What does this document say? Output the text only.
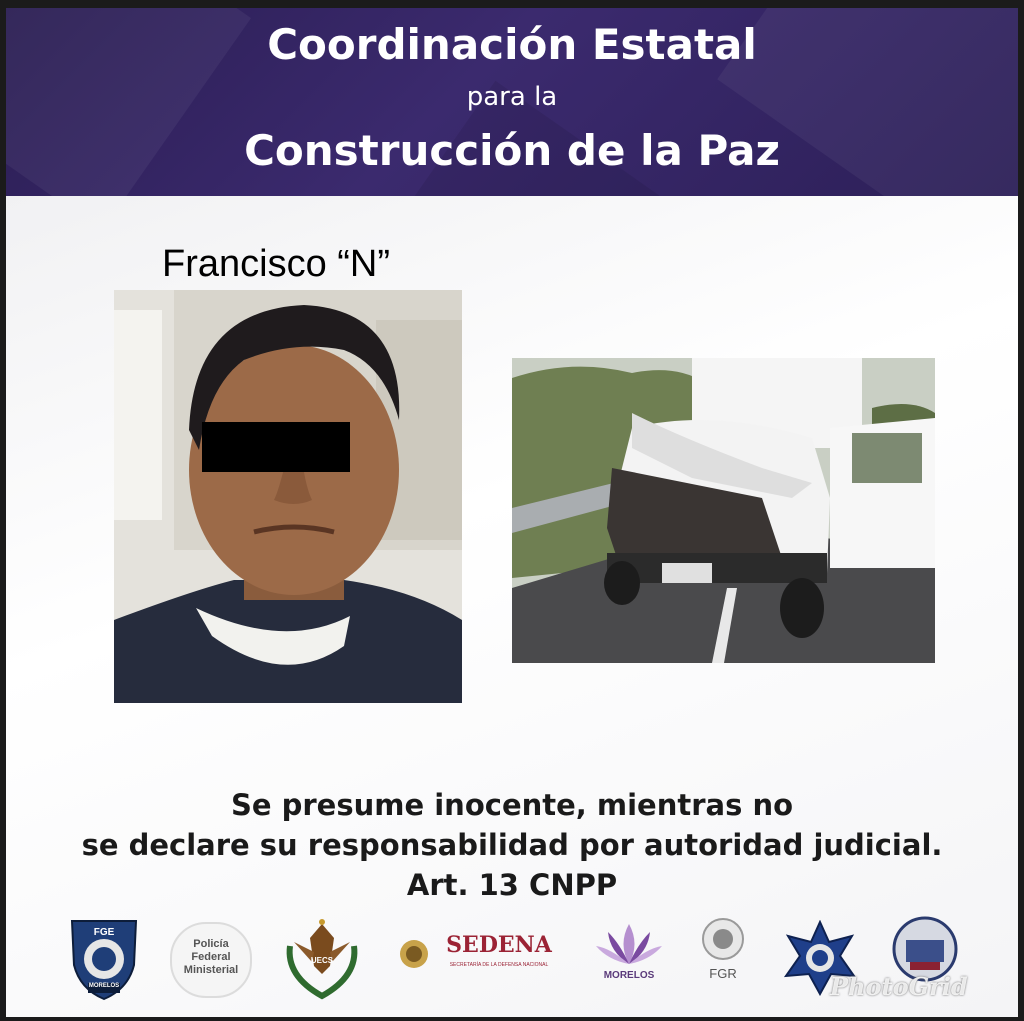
Coordinación Estatal
para la
Construcción de la Paz
Francisco “N”
Se presume inocente, mientras no
se declare su responsabilidad por autoridad judicial.
Art. 13 CNPP
FGE
MORELOS
Policía
Federal
Ministerial
UECS
SEDENA
SECRETARÍA DE LA DEFENSA NACIONAL
MORELOS	FGR	PhotoGrid
